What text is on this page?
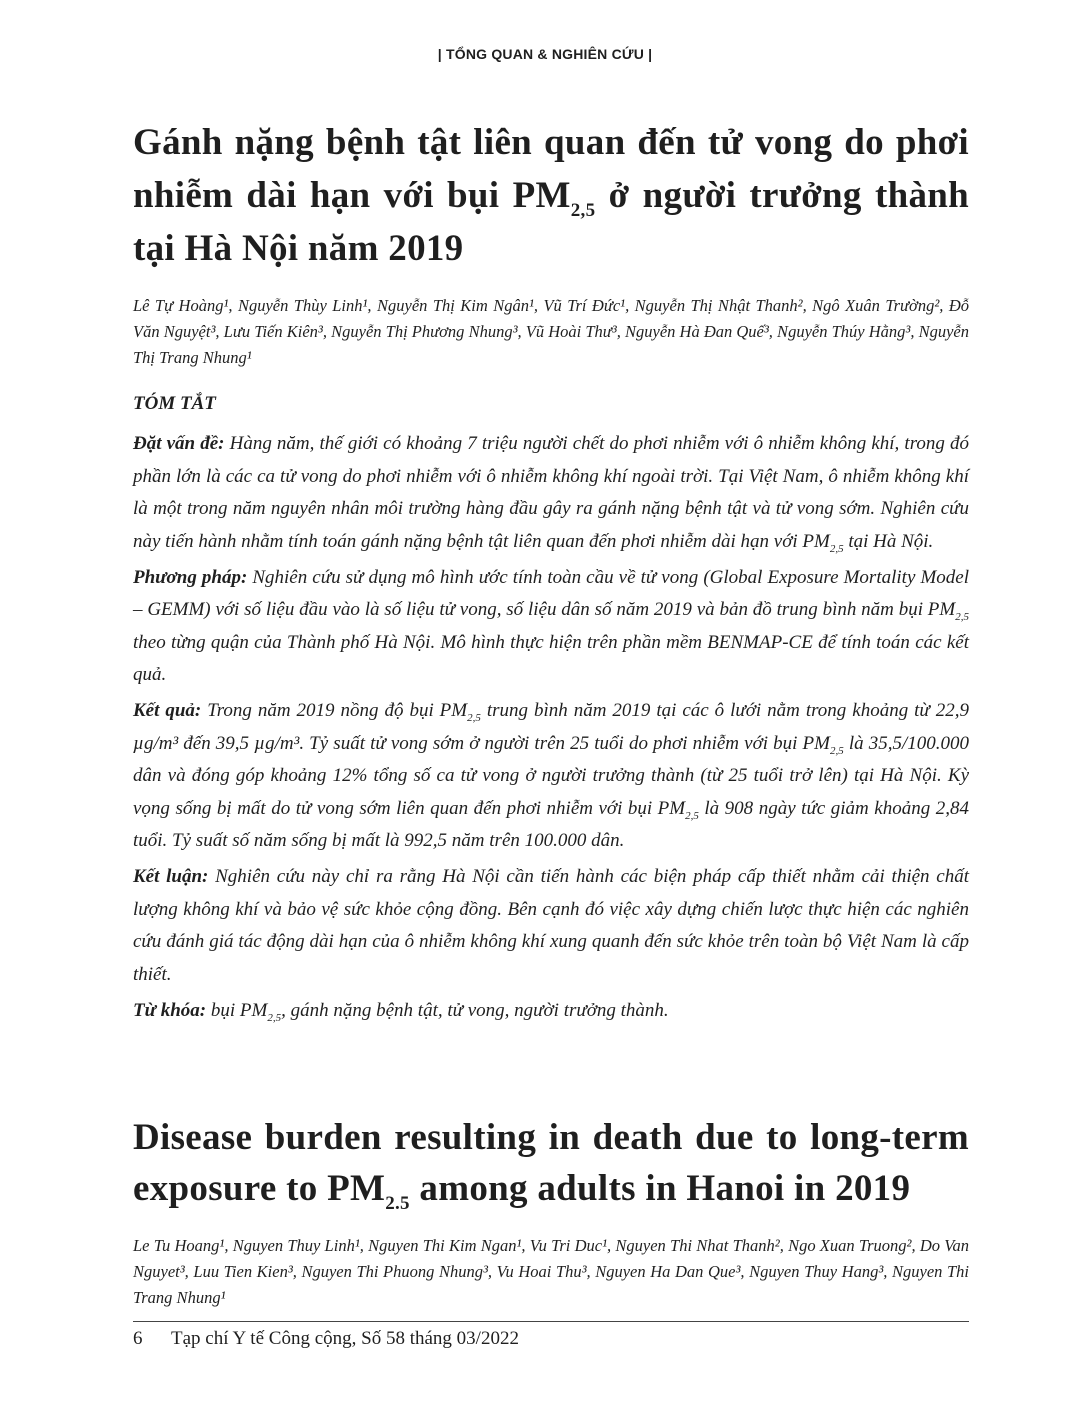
| TỔNG QUAN & NGHIÊN CỨU |
Gánh nặng bệnh tật liên quan đến tử vong do phơi nhiễm dài hạn với bụi $PM_{2,5}$ ở người trưởng thành tại Hà Nội năm 2019
Lê Tự Hoàng¹, Nguyễn Thùy Linh¹, Nguyễn Thị Kim Ngân¹, Vũ Trí Đức¹, Nguyễn Thị Nhật Thanh², Ngô Xuân Trường², Đỗ Văn Nguyệt³, Lưu Tiến Kiên³, Nguyễn Thị Phương Nhung³, Vũ Hoài Thư³, Nguyễn Hà Đan Quế³, Nguyễn Thúy Hằng³, Nguyễn Thị Trang Nhung¹
TÓM TẮT

Đặt vấn đề: Hàng năm, thế giới có khoảng 7 triệu người chết do phơi nhiễm với ô nhiễm không khí, trong đó phần lớn là các ca tử vong do phơi nhiễm với ô nhiễm không khí ngoài trời. Tại Việt Nam, ô nhiễm không khí là một trong năm nguyên nhân môi trường hàng đầu gây ra gánh nặng bệnh tật và tử vong sớm. Nghiên cứu này tiến hành nhằm tính toán gánh nặng bệnh tật liên quan đến phơi nhiễm dài hạn với $PM_{2,5}$ tại Hà Nội.

Phương pháp: Nghiên cứu sử dụng mô hình ước tính toàn cầu về tử vong (Global Exposure Mortality Model – GEMM) với số liệu đầu vào là số liệu tử vong, số liệu dân số năm 2019 và bản đồ trung bình năm bụi $PM_{2,5}$ theo từng quận của Thành phố Hà Nội. Mô hình thực hiện trên phần mềm BENMAP-CE để tính toán các kết quả.

Kết quả: Trong năm 2019 nồng độ bụi $PM_{2,5}$ trung bình năm 2019 tại các ô lưới nằm trong khoảng từ 22,9 µg/m³ đến 39,5 µg/m³. Tỷ suất tử vong sớm ở người trên 25 tuổi do phơi nhiễm với bụi $PM_{2,5}$ là 35,5/100.000 dân và đóng góp khoảng 12% tổng số ca tử vong ở người trưởng thành (từ 25 tuổi trở lên) tại Hà Nội. Kỳ vọng sống bị mất do tử vong sớm liên quan đến phơi nhiễm với bụi $PM_{2,5}$ là 908 ngày tức giảm khoảng 2,84 tuổi. Tỷ suất số năm sống bị mất là 992,5 năm trên 100.000 dân.

Kết luận: Nghiên cứu này chỉ ra rằng Hà Nội cần tiến hành các biện pháp cấp thiết nhằm cải thiện chất lượng không khí và bảo vệ sức khỏe cộng đồng. Bên cạnh đó việc xây dựng chiến lược thực hiện các nghiên cứu đánh giá tác động dài hạn của ô nhiễm không khí xung quanh đến sức khỏe trên toàn bộ Việt Nam là cấp thiết.

Từ khóa: bụi $PM_{2,5}$, gánh nặng bệnh tật, tử vong, người trưởng thành.

Disease burden resulting in death due to long-term exposure to $PM_{2.5}$ among adults in Hanoi in 2019
Le Tu Hoang¹, Nguyen Thuy Linh¹, Nguyen Thi Kim Ngan¹, Vu Tri Duc¹, Nguyen Thi Nhat Thanh², Ngo Xuan Truong², Do Van Nguyet³, Luu Tien Kien³, Nguyen Thi Phuong Nhung³, Vu Hoai Thu³, Nguyen Ha Dan Que³, Nguyen Thuy Hang³, Nguyen Thi Trang Nhung¹
6 Tạp chí Y tế Công cộng, Số 58 tháng 03/2022
